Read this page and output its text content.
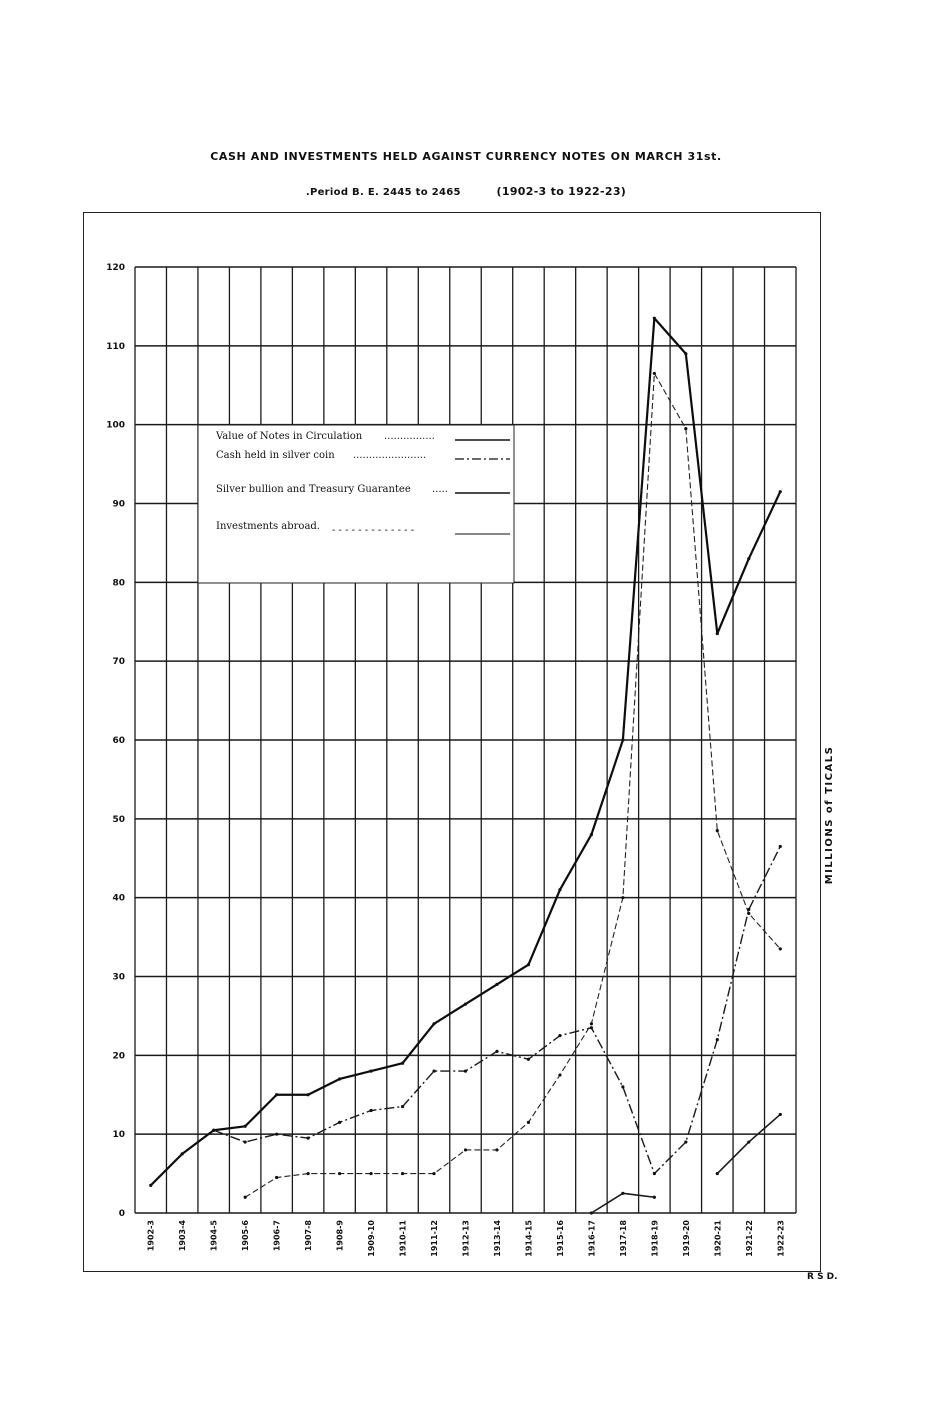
CASH AND INVESTMENTS HELD AGAINST CURRENCY NOTES ON MARCH 31st.
.Period B. E. 2445 to 2465	(1902-3 to 1922-23)
0
10
20
30
40
50
60
70
80
90
100
110
120
1902-3	1903-4	1904-5	1905-6	1906-7	1907-8	1908-9	1909-10	1910-11	1911-12	1912-13	1913-14	1914-15	1915-16	1916-17	1917-18	1918-19	1919-20	1920-21	1921-22	1922-23
Value of Notes in Circulation ................
Cash held in silver coin .......................
Silver bullion and Treasury Guarantee .....
Investments abroad. - - - - - - - - - - - - -
MILLIONS of TICALS
R S D.
